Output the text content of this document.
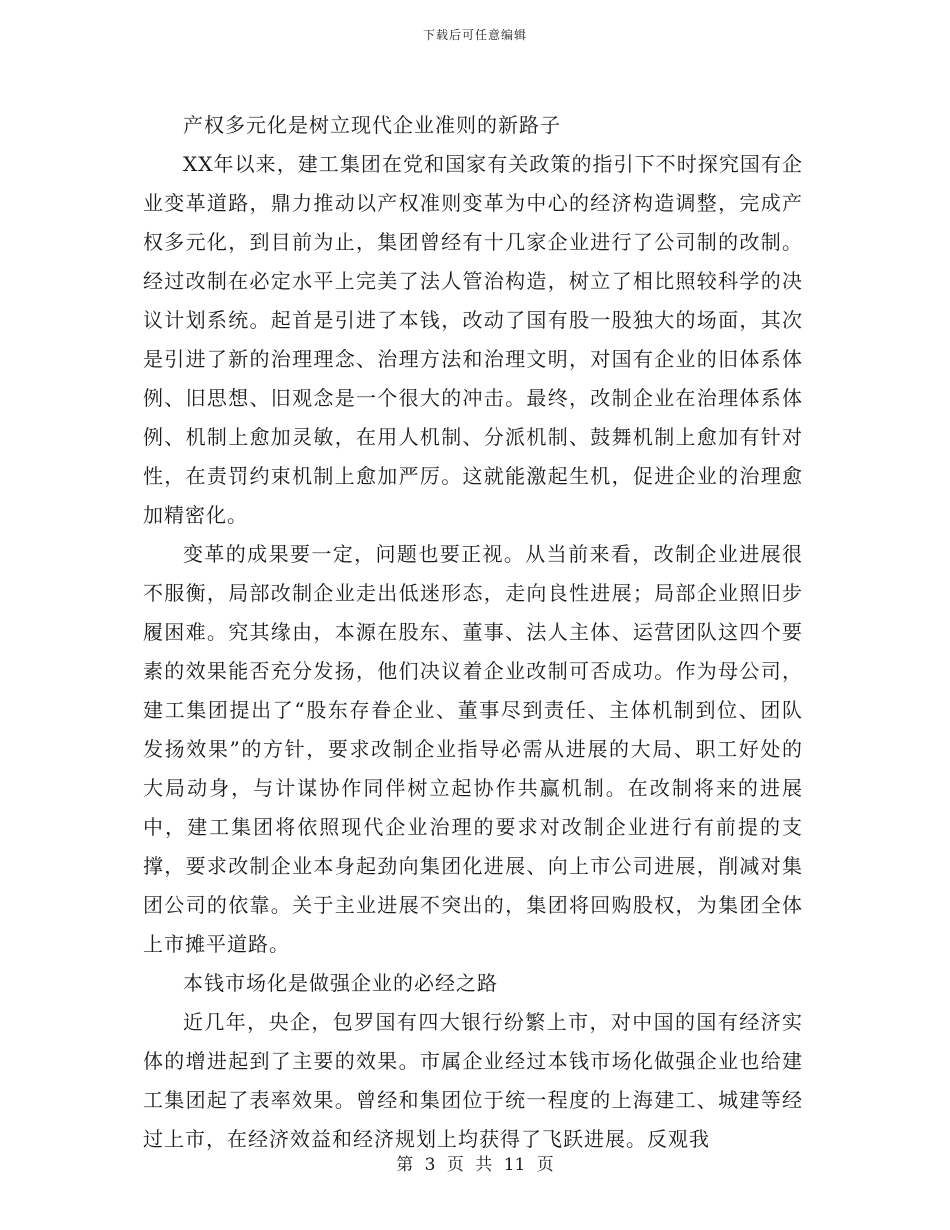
下载后可任意编辑

产权多元化是树立现代企业准则的新路子

XX年以来，建工集团在党和国家有关政策的指引下不时探究国有企业变革道路，鼎力推动以产权准则变革为中心的经济构造调整，完成产权多元化，到目前为止，集团曾经有十几家企业进行了公司制的改制。经过改制在必定水平上完美了法人管治构造，树立了相比照较科学的决议计划系统。起首是引进了本钱，改动了国有股一股独大的场面，其次是引进了新的治理理念、治理方法和治理文明，对国有企业的旧体系体例、旧思想、旧观念是一个很大的冲击。最终，改制企业在治理体系体例、机制上愈加灵敏，在用人机制、分派机制、鼓舞机制上愈加有针对性，在责罚约束机制上愈加严厉。这就能激起生机，促进企业的治理愈加精密化。

变革的成果要一定，问题也要正视。从当前来看，改制企业进展很不服衡，局部改制企业走出低迷形态，走向良性进展；局部企业照旧步履困难。究其缘由，本源在股东、董事、法人主体、运营团队这四个要素的效果能否充分发扬，他们决议着企业改制可否成功。作为母公司，建工集团提出了“股东存眷企业、董事尽到责任、主体机制到位、团队发扬效果”的方针，要求改制企业指导必需从进展的大局、职工好处的大局动身，与计谋协作同伴树立起协作共赢机制。在改制将来的进展中，建工集团将依照现代企业治理的要求对改制企业进行有前提的支撑，要求改制企业本身起劲向集团化进展、向上市公司进展，削减对集团公司的依靠。关于主业进展不突出的，集团将回购股权，为集团全体上市摊平道路。

本钱市场化是做强企业的必经之路

近几年，央企，包罗国有四大银行纷繁上市，对中国的国有经济实体的增进起到了主要的效果。市属企业经过本钱市场化做强企业也给建工集团起了表率效果。曾经和集团位于统一程度的上海建工、城建等经过上市，在经济效益和经济规划上均获得了飞跃进展。反观我

第 3 页 共 11 页
